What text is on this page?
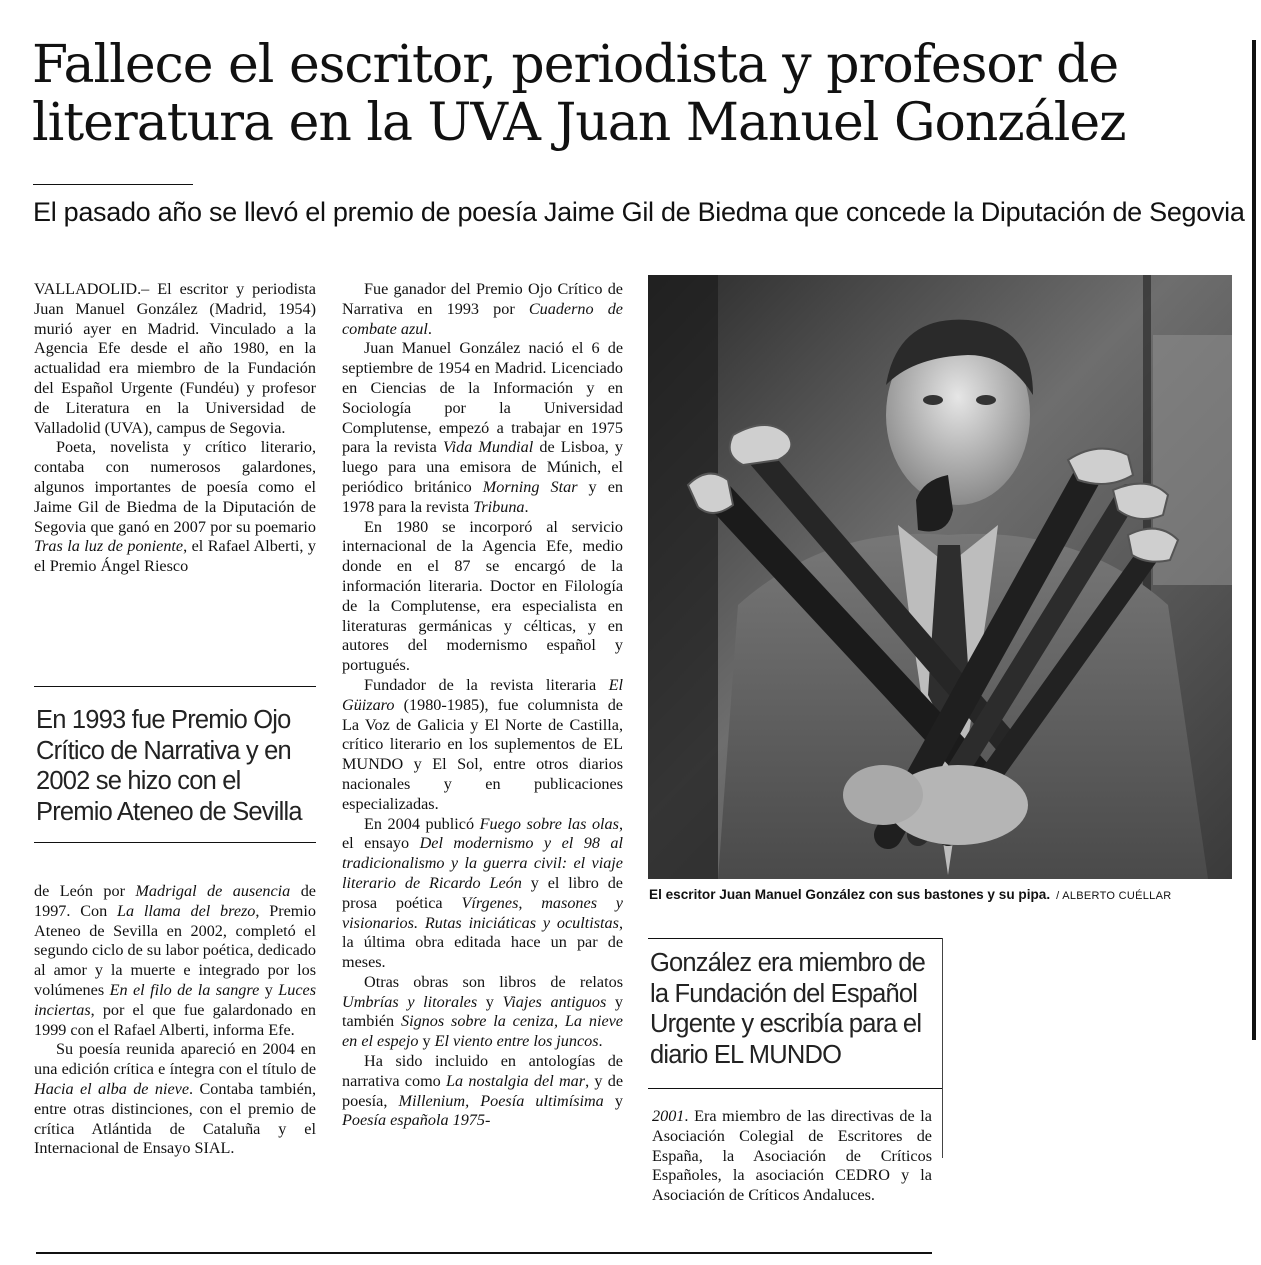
Fallece el escritor, periodista y profesor de
literatura en la UVA Juan Manuel González
El pasado año se llevó el premio de poesía Jaime Gil de Biedma que concede la Diputación de Segovia

VALLADOLID.– El escritor y periodista Juan Manuel González (Madrid, 1954) murió ayer en Madrid. Vinculado a la Agencia Efe desde el año 1980, en la actualidad era miembro de la Fundación del Español Urgente (Fundéu) y profesor de Literatura en la Universidad de Valladolid (UVA), campus de Segovia.

Poeta, novelista y crítico literario, contaba con numerosos galardones, algunos importantes de poesía como el Jaime Gil de Biedma de la Diputación de Segovia que ganó en 2007 por su poemario Tras la luz de poniente, el Rafael Alberti, y el Premio Ángel Riesco

En 1993 fue Premio Ojo Crítico de Narrativa y en 2002 se hizo con el Premio Ateneo de Sevilla

de León por Madrigal de ausencia de 1997. Con La llama del brezo, Premio Ateneo de Sevilla en 2002, completó el segundo ciclo de su labor poética, dedicado al amor y la muerte e integrado por los volúmenes En el filo de la sangre y Luces inciertas, por el que fue galardonado en 1999 con el Rafael Alberti, informa Efe.

Su poesía reunida apareció en 2004 en una edición crítica e íntegra con el título de Hacia el alba de nieve. Contaba también, entre otras distinciones, con el premio de crítica Atlántida de Cataluña y el Internacional de Ensayo SIAL.

Fue ganador del Premio Ojo Crítico de Narrativa en 1993 por Cuaderno de combate azul.

Juan Manuel González nació el 6 de septiembre de 1954 en Madrid. Licenciado en Ciencias de la Información y en Sociología por la Universidad Complutense, empezó a trabajar en 1975 para la revista Vida Mundial de Lisboa, y luego para una emisora de Múnich, el periódico británico Morning Star y en 1978 para la revista Tribuna.

En 1980 se incorporó al servicio internacional de la Agencia Efe, medio donde en el 87 se encargó de la información literaria. Doctor en Filología de la Complutense, era especialista en literaturas germánicas y célticas, y en autores del modernismo español y portugués.

Fundador de la revista literaria El Güizaro (1980-1985), fue columnista de La Voz de Galicia y El Norte de Castilla, crítico literario en los suplementos de EL MUNDO y El Sol, entre otros diarios nacionales y en publicaciones especializadas.

En 2004 publicó Fuego sobre las olas, el ensayo Del modernismo y el 98 al tradicionalismo y la guerra civil: el viaje literario de Ricardo León y el libro de prosa poética Vírgenes, masones y visionarios. Rutas iniciáticas y ocultistas, la última obra editada hace un par de meses.

Otras obras son libros de relatos Umbrías y litorales y Viajes antiguos y también Signos sobre la ceniza, La nieve en el espejo y El viento entre los juncos.

Ha sido incluido en antologías de narrativa como La nostalgia del mar, y de poesía, Millenium, Poesía ultimísima y Poesía española 1975-

El escritor Juan Manuel González con sus bastones y su pipa. / ALBERTO CUÉLLAR
González era miembro de la Fundación del Español Urgente y escribía para el diario EL MUNDO

2001. Era miembro de las directivas de la Asociación Colegial de Escritores de España, la Asociación de Críticos Españoles, la asociación CEDRO y la Asociación de Críticos Andaluces.
